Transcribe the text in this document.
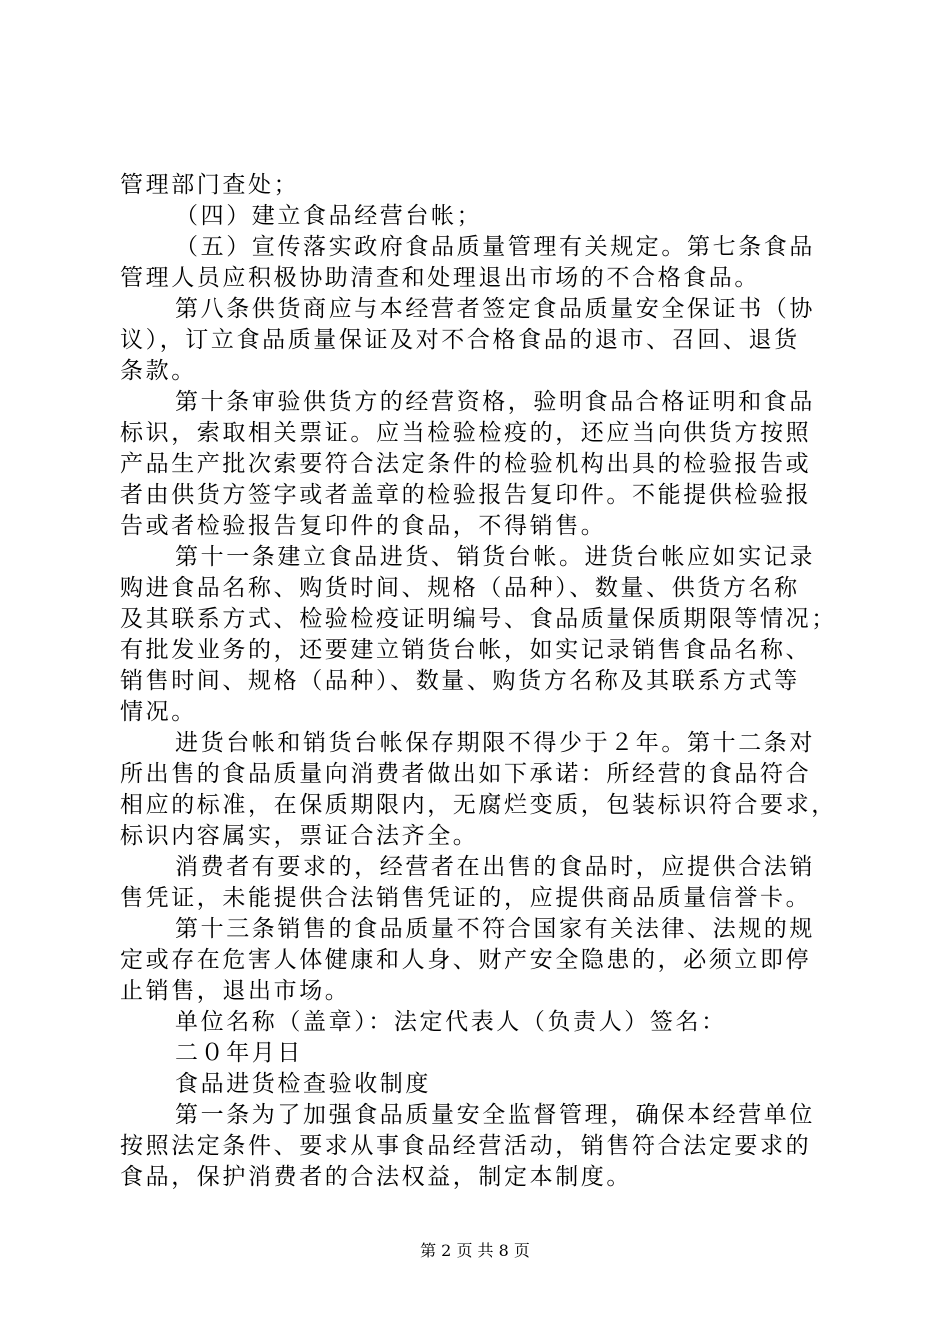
管理部门查处；
（四）建立食品经营台帐；
（五）宣传落实政府食品质量管理有关规定。第七条食品
管理人员应积极协助清查和处理退出市场的不合格食品。
第八条供货商应与本经营者签定食品质量安全保证书（协
议），订立食品质量保证及对不合格食品的退市、召回、退货
条款。
第十条审验供货方的经营资格，验明食品合格证明和食品
标识，索取相关票证。应当检验检疫的，还应当向供货方按照
产品生产批次索要符合法定条件的检验机构出具的检验报告或
者由供货方签字或者盖章的检验报告复印件。不能提供检验报
告或者检验报告复印件的食品，不得销售。
第十一条建立食品进货、销货台帐。进货台帐应如实记录
购进食品名称、购货时间、规格（品种）、数量、供货方名称
及其联系方式、检验检疫证明编号、食品质量保质期限等情况；
有批发业务的，还要建立销货台帐，如实记录销售食品名称、
销售时间、规格（品种）、数量、购货方名称及其联系方式等
情况。
进货台帐和销货台帐保存期限不得少于２年。第十二条对
所出售的食品质量向消费者做出如下承诺：所经营的食品符合
相应的标准，在保质期限内，无腐烂变质，包装标识符合要求，
标识内容属实，票证合法齐全。
消费者有要求的，经营者在出售的食品时，应提供合法销
售凭证，未能提供合法销售凭证的，应提供商品质量信誉卡。
第十三条销售的食品质量不符合国家有关法律、法规的规
定或存在危害人体健康和人身、财产安全隐患的，必须立即停
止销售，退出市场。
单位名称（盖章）：法定代表人（负责人）签名：
二０年月日
食品进货检查验收制度
第一条为了加强食品质量安全监督管理，确保本经营单位
按照法定条件、要求从事食品经营活动，销售符合法定要求的
食品，保护消费者的合法权益，制定本制度。
第 2 页 共 8 页
